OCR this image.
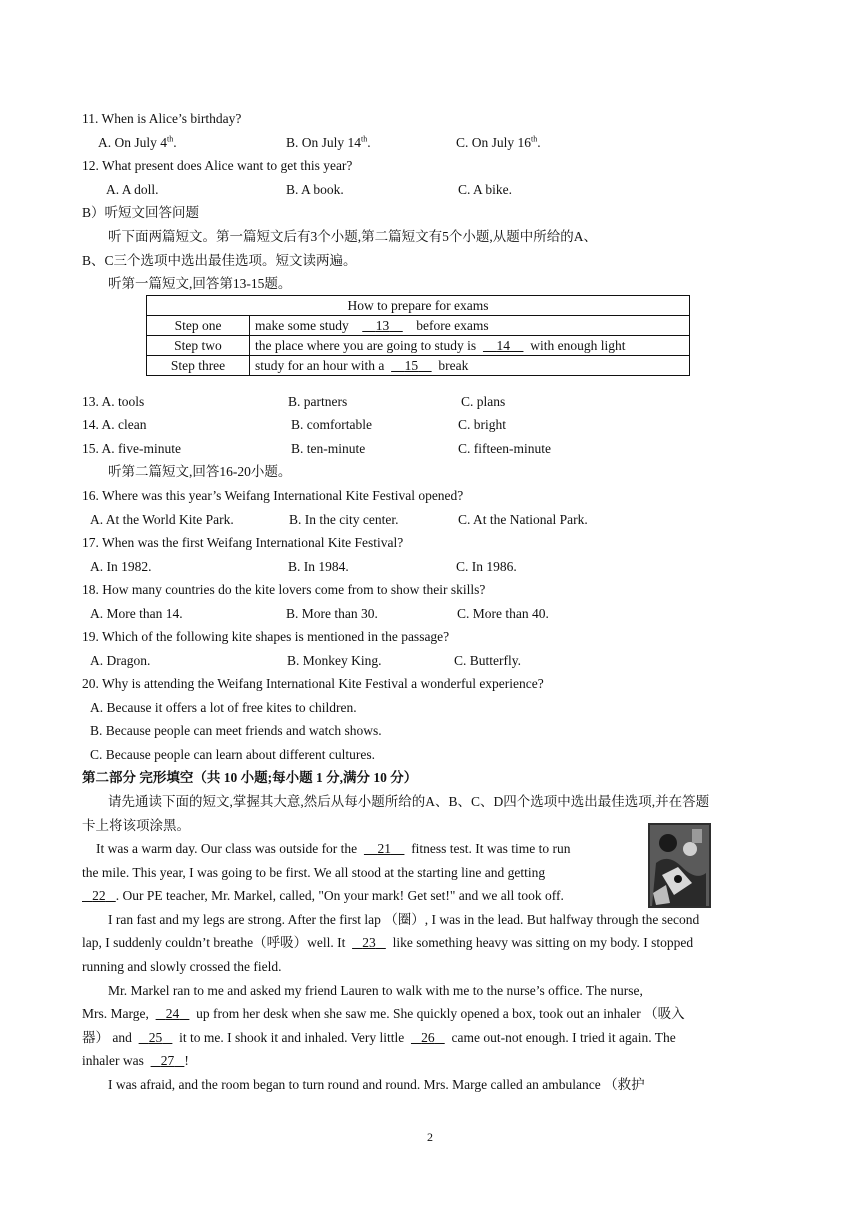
11. When is Alice’s birthday?
A. On July 4th.	B. On July 14th.	C. On July 16th.
12. What present does Alice want to get this year?
A. A doll.	B. A book.	C. A bike.
B）听短文回答问题
听下面两篇短文。第一篇短文后有3个小题,第二篇短文有5个小题,从题中所给的A、
B、C三个选项中选出最佳选项。短文读两遍。
听第一篇短文,回答第13-15题。
How to prepare for exams	
Step one	make some study 13 before exams
Step two	the place where you are going to study is 14 with enough light
Step three	study for an hour with a 15 break
13. A. tools	B. partners	C. plans
14. A. clean	B. comfortable	C. bright
15. A. five-minute	B. ten-minute	C. fifteen-minute
听第二篇短文,回答16-20小题。
16. Where was this year’s Weifang International Kite Festival opened?
A. At the World Kite Park.	B. In the city center.	C. At the National Park.
17. When was the first Weifang International Kite Festival?
A. In 1982.	B. In 1984.	C. In 1986.
18. How many countries do the kite lovers come from to show their skills?
A. More than 14.	B. More than 30.	C. More than 40.
19. Which of the following kite shapes is mentioned in the passage?
A. Dragon.	B. Monkey King.	C. Butterfly.
20. Why is attending the Weifang International Kite Festival a wonderful experience?
A. Because it offers a lot of free kites to children.
B. Because people can meet friends and watch shows.
C. Because people can learn about different cultures.
第二部分 完形填空（共 10 小题;每小题 1 分,满分 10 分）
请先通读下面的短文,掌握其大意,然后从每小题所给的A、B、C、D四个选项中选出最佳选项,并在答题
卡上将该项涂黑。
It was a warm day. Our class was outside for the 21 fitness test. It was time to run
the mile. This year, I was going to be first. We all stood at the starting line and getting
22 . Our PE teacher, Mr. Markel, called, "On your mark! Get set!" and we all took off.
I ran fast and my legs are strong. After the first lap （圈）, I was in the lead. But halfway through the second
lap, I suddenly couldn’t breathe（呼吸）well. It 23 like something heavy was sitting on my body. I stopped
running and slowly crossed the field.
Mr. Markel ran to me and asked my friend Lauren to walk with me to the nurse’s office. The nurse,
Mrs. Marge, 24 up from her desk when she saw me. She quickly opened a box, took out an inhaler （吸入
器） and 25 it to me. I shook it and inhaled. Very little 26 came out-not enough. I tried it again. The
inhaler was 27 !
I was afraid, and the room began to turn round and round. Mrs. Marge called an ambulance （救护
2
